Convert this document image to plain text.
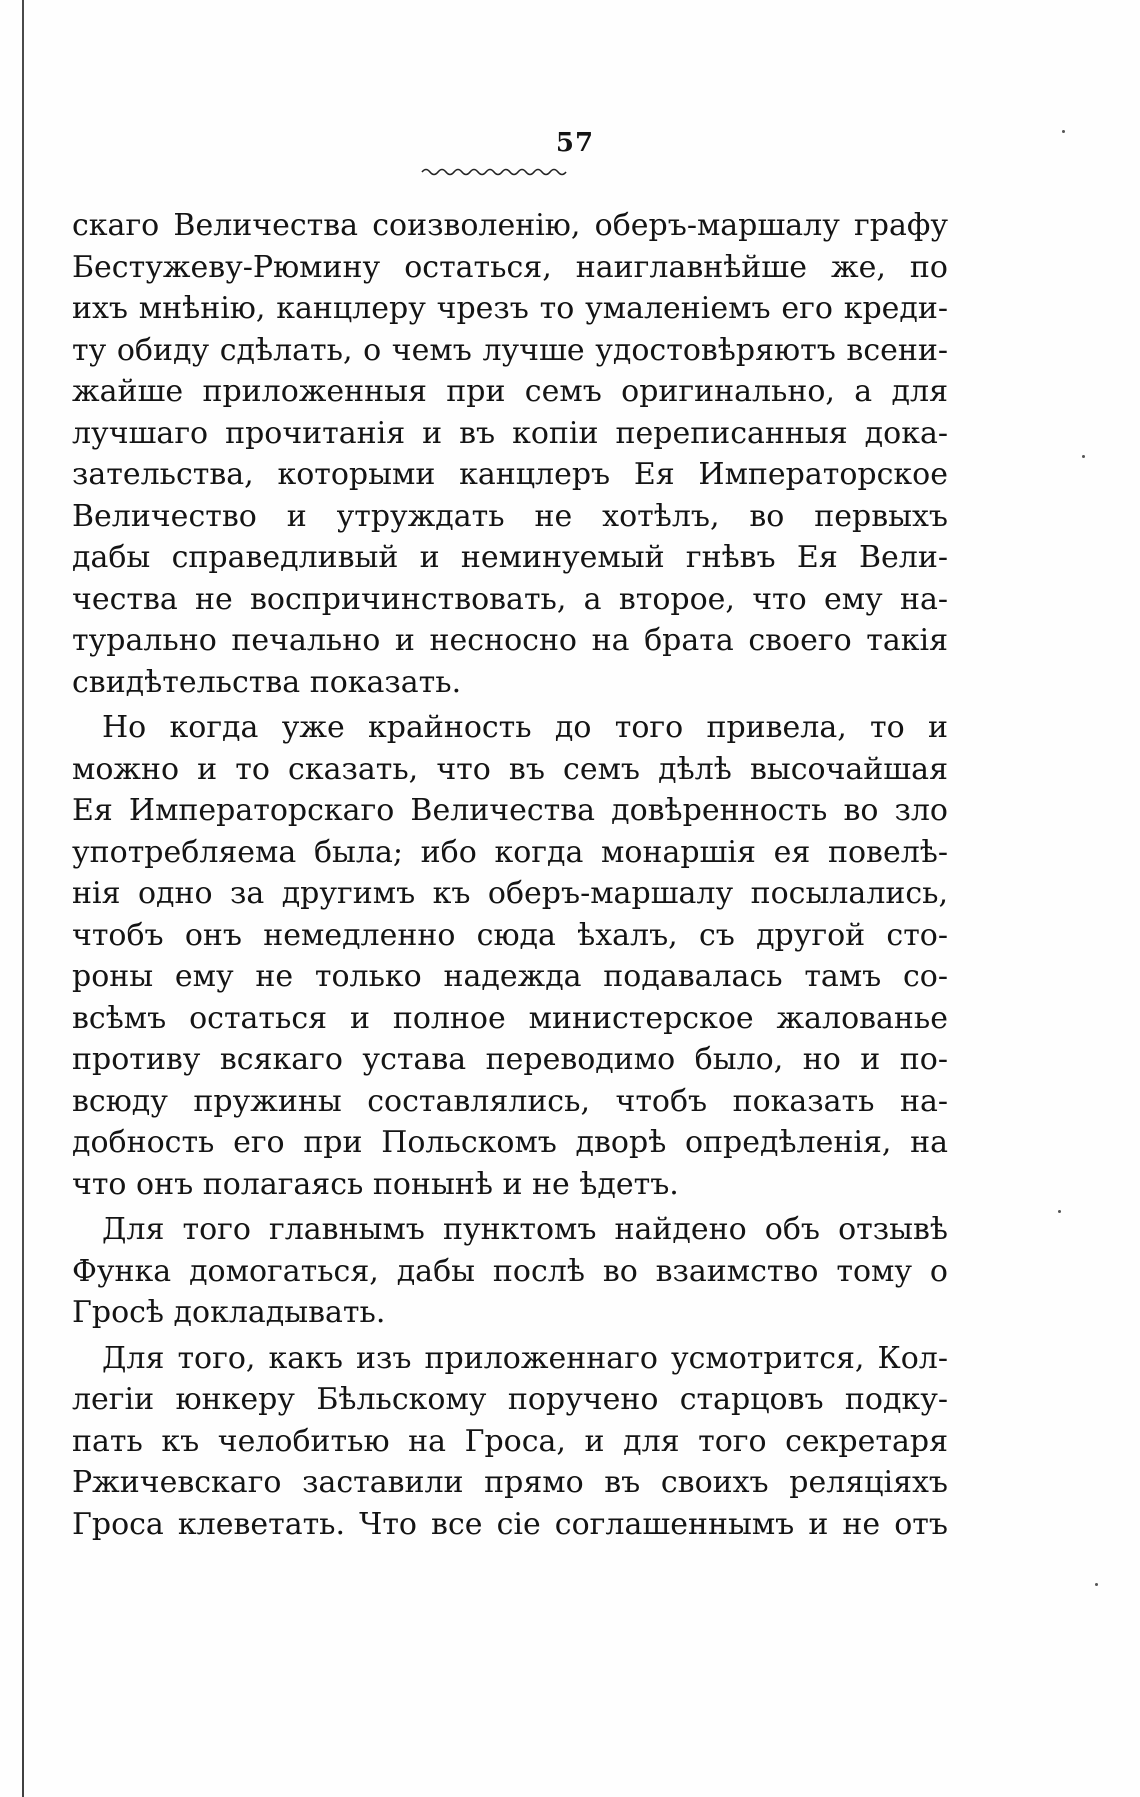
57
скаго Величества соизволенію, оберъ-маршалу графу
Бестужеву-Рюмину остаться, наиглавнѣйше же, по
ихъ мнѣнію, канцлеру чрезъ то умаленіемъ его креди-
ту обиду сдѣлать, о чемъ лучше удостовѣряютъ всени-
жайше приложенныя при семъ оригинально, а для
лучшаго прочитанія и въ копіи переписанныя дока-
зательства, которыми канцлеръ Ея Императорское
Величество и утруждать не хотѣлъ, во первыхъ
дабы справедливый и неминуемый гнѣвъ Ея Вели-
чества не воспричинствовать, а второе, что ему на-
турально печально и несносно на брата своего такія
свидѣтельства показать.
Но когда уже крайность до того привела, то и
можно и то сказать, что въ семъ дѣлѣ высочайшая
Ея Императорскаго Величества довѣренность во зло
употребляема была; ибо когда монаршія ея повелѣ-
нія одно за другимъ къ оберъ-маршалу посылались,
чтобъ онъ немедленно сюда ѣхалъ, съ другой сто-
роны ему не только надежда подавалась тамъ со-
всѣмъ остаться и полное министерское жалованье
противу всякаго устава переводимо было, но и по-
всюду пружины составлялись, чтобъ показать на-
добность его при Польскомъ дворѣ опредѣленія, на
что онъ полагаясь понынѣ и не ѣдетъ.
Для того главнымъ пунктомъ найдено объ отзывѣ
Функа домогаться, дабы послѣ во взаимство тому о
Гросѣ докладывать.
Для того, какъ изъ приложеннаго усмотрится, Кол-
легіи юнкеру Бѣльскому поручено старцовъ подку-
пать къ челобитью на Гроса, и для того секретаря
Ржичевскаго заставили прямо въ своихъ реляціяхъ
Гроса клеветать. Что все сіе соглашеннымъ и не отъ
